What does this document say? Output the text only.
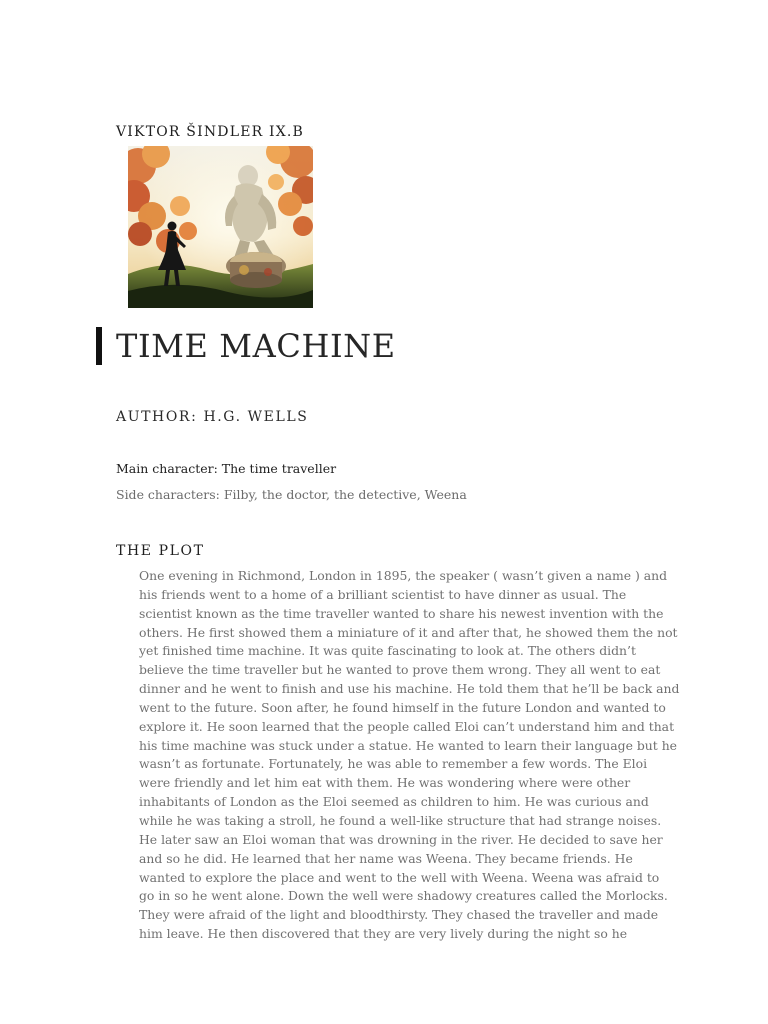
VIKTOR ŠINDLER IX.B
TIME MACHINE
AUTHOR: H.G. WELLS
Main character: The time traveller
Side characters: Filby, the doctor, the detective, Weena
THE PLOT
One evening in Richmond, London in 1895, the speaker ( wasn’t given a name ) and
his friends went to a home of a brilliant scientist to have dinner as usual. The
scientist known as the time traveller wanted to share his newest invention with the
others. He first showed them a miniature of it and after that, he showed them the not
yet finished time machine. It was quite fascinating to look at. The others didn’t
believe the time traveller but he wanted to prove them wrong. They all went to eat
dinner and he went to finish and use his machine. He told them that he’ll be back and
went to the future. Soon after, he found himself in the future London and wanted to
explore it. He soon learned that the people called Eloi can’t understand him and that
his time machine was stuck under a statue. He wanted to learn their language but he
wasn’t as fortunate. Fortunately, he was able to remember a few words. The Eloi
were friendly and let him eat with them. He was wondering where were other
inhabitants of London as the Eloi seemed as children to him. He was curious and
while he was taking a stroll, he found a well-like structure that had strange noises.
He later saw an Eloi woman that was drowning in the river. He decided to save her
and so he did. He learned that her name was Weena. They became friends. He
wanted to explore the place and went to the well with Weena. Weena was afraid to
go in so he went alone. Down the well were shadowy creatures called the Morlocks.
They were afraid of the light and bloodthirsty. They chased the traveller and made
him leave. He then discovered that they are very lively during the night so he
